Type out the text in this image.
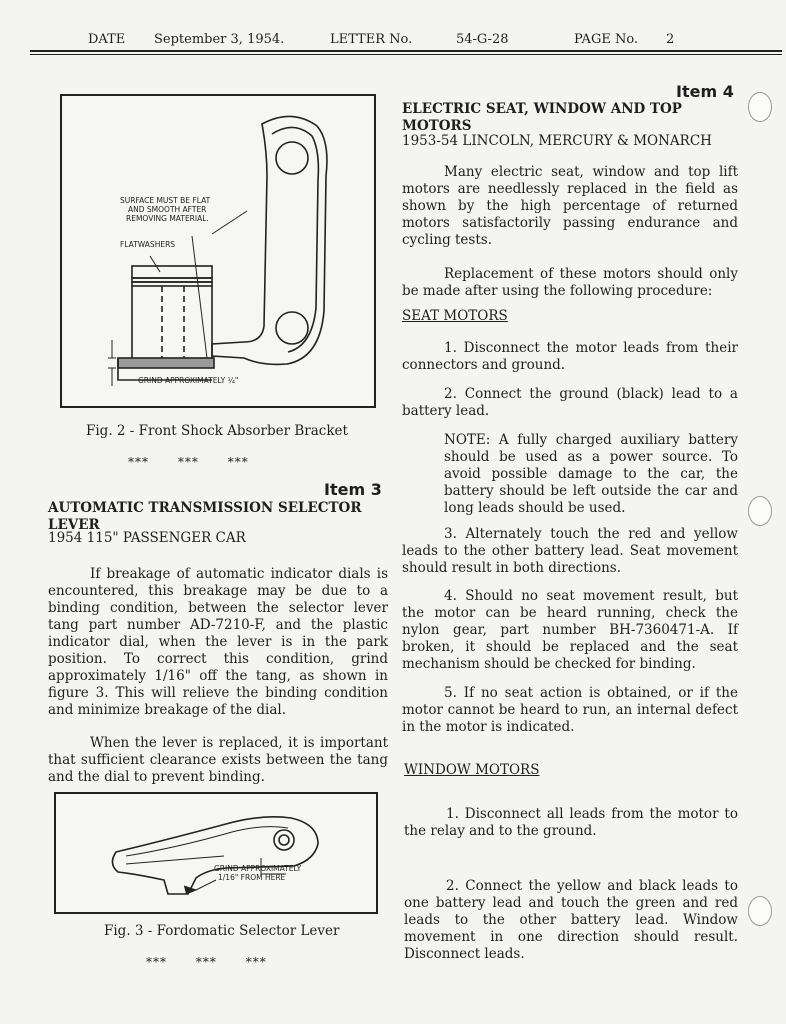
DATE September 3, 1954.	LETTER No.	54-G-28	PAGE No. 2
SURFACE MUST BE FLAT
AND SMOOTH AFTER
REMOVING MATERIAL.
FLATWASHERS
GRIND APPROXIMATELY ¼"
Fig. 2 - Front Shock Absorber Bracket
***      ***      ***
Item 3
AUTOMATIC TRANSMISSION SELECTOR
LEVER
1954 115" PASSENGER CAR

If breakage of automatic indicator dials is encountered, this breakage may be due to a binding condition, between the selector lever tang part number AD-7210-F, and the plastic indicator dial, when the lever is in the park position. To correct this condition, grind approximately 1/16" off the tang, as shown in figure 3. This will relieve the binding condition and minimize breakage of the dial.

When the lever is replaced, it is important that sufficient clearance exists between the tang and the dial to prevent binding.

GRIND APPROXIMATELY
1/16" FROM HERE
Fig. 3 - Fordomatic Selector Lever
***      ***      ***
Item 4
ELECTRIC SEAT, WINDOW AND TOP
MOTORS
1953-54 LINCOLN, MERCURY & MONARCH

Many electric seat, window and top lift motors are needlessly replaced in the field as shown by the high percentage of returned motors satisfactorily passing endurance and cycling tests.

Replacement of these motors should only be made after using the following procedure:

SEAT MOTORS

1. Disconnect the motor leads from their connectors and ground.

2. Connect the ground (black) lead to a battery lead.

NOTE: A fully charged auxiliary battery should be used as a power source. To avoid possible damage to the car, the battery should be left outside the car and long leads should be used.

3. Alternately touch the red and yellow leads to the other battery lead. Seat movement should result in both directions.

4. Should no seat movement result, but the motor can be heard running, check the nylon gear, part number BH-7360471-A. If broken, it should be replaced and the seat mechanism should be checked for binding.

5. If no seat action is obtained, or if the motor cannot be heard to run, an internal defect in the motor is indicated.

WINDOW MOTORS

1. Disconnect all leads from the motor to the relay and to the ground.

2. Connect the yellow and black leads to one battery lead and touch the green and red leads to the other battery lead. Window movement in one direction should result. Disconnect leads.
